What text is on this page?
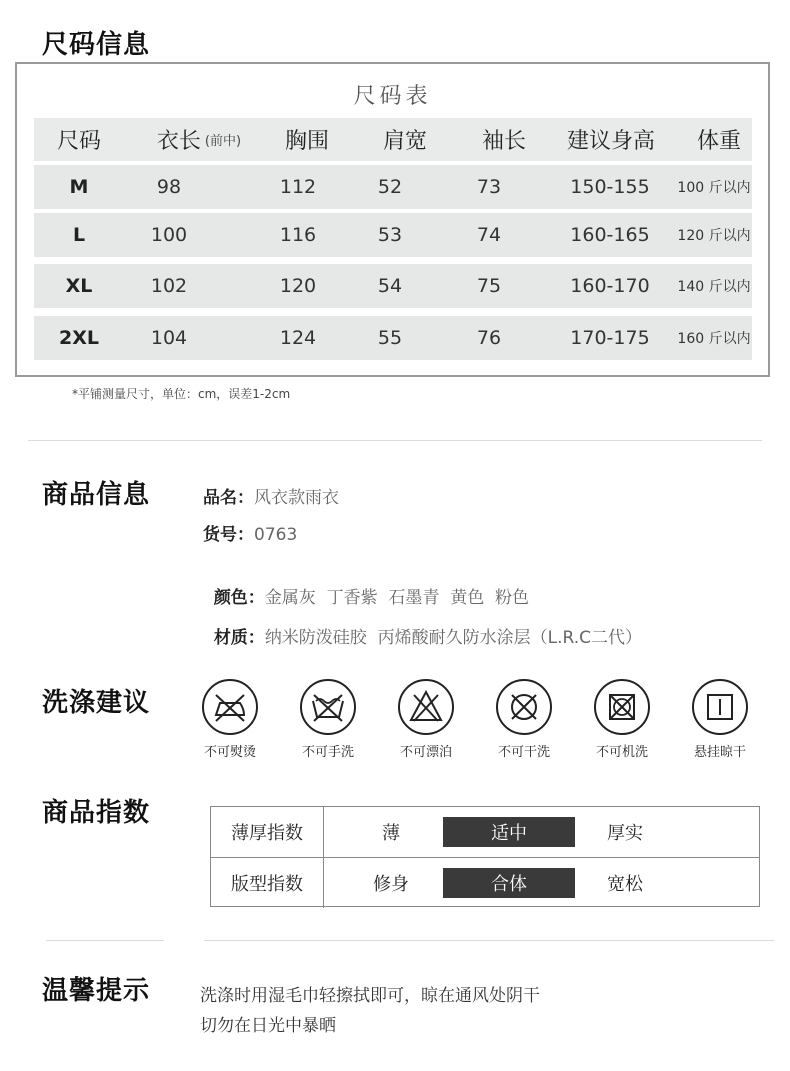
尺码信息
尺码表
尺码	衣长 (前中)	胸围	肩宽	袖长	建议身高	体重
M	98	112	52	73	150-155	100 斤以内
L	100	116	53	74	160-165	120 斤以内
XL	102	120	54	75	160-170	140 斤以内
2XL	104	124	55	76	170-175	160 斤以内
*平铺测量尺寸，单位：cm，误差1-2cm
商品信息	品名：风衣款雨衣
货号：0763

颜色：金属灰  丁香紫  石墨青  黄色  粉色

材质：纳米防泼硅胶  丙烯酸耐久防水涂层（L.R.C二代）

洗涤建议
不可熨烫	不可手洗	不可漂泊	不可干洗	不可机洗	悬挂晾干
商品指数
薄厚指数	薄	适中	厚实
版型指数	修身	合体	宽松
温馨提示	洗涤时用湿毛巾轻擦拭即可，晾在通风处阴干
切勿在日光中暴晒
